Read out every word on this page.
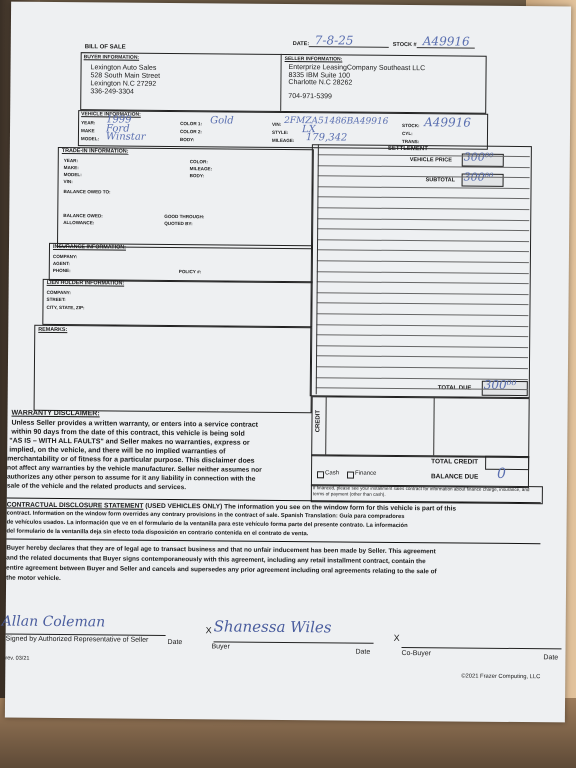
BILL OF SALE
DATE: 7-8-25	STOCK # A49916
BUYER INFORMATION:
Lexington Auto Sales
528 South Main Street
Lexington N.C 27292
336-249-3304
SELLER INFORMATION:
Enterprize LeasingCompany Southeast LLC
8335 IBM Suite 100
Charlotte N.C 28262
704-971-5399
VEHICLE INFORMATION:
YEAR: 1999
MAKE Ford
MODEL: Winstar
COLOR 1: Gold
COLOR 2:
BODY:
VIN: 2FMZA51486BA49916
STYLE: LX
MILEAGE: 179,342
STOCK: A49916
CYL:
TRANS:
TRADE-IN INFORMATION:
YEAR:
MAKE:
MODEL:
VIN:
COLOR:
MILEAGE:
BODY:
BALANCE OWED TO:
BALANCE OWED:
ALLOWANCE:
GOOD THROUGH:
QUOTED BY:
INSURANCE INFORMATION:
COMPANY:
AGENT:
PHONE:	POLICY #:
LIEN HOLDER INFORMATION:
COMPANY:
STREET:
CITY, STATE, ZIP:
REMARKS:
WARRANTY DISCLAIMER:
Unless Seller provides a written warranty, or enters into a service contract
within 90 days from the date of this contract, this vehicle is being sold
"AS IS – WITH ALL FAULTS" and Seller makes no warranties, express or
implied, on the vehicle, and there will be no implied warranties of
merchantability or of fitness for a particular purpose. This disclaimer does
not affect any warranties by the vehicle manufacturer. Seller neither assumes nor
authorizes any other person to assume for it any liability in connection with the
sale of the vehicle and the related products and services.
SETTLEMENT
VEHICLE PRICE 300⁰⁰
SUBTOTAL 300⁰⁰
TOTAL DUE 300⁰⁰
CREDIT
TOTAL CREDIT
Cash	Finance	BALANCE DUE 0
If financed, please see your installment sales contract for information about finance charge, insurance, and terms of payment (other than cash).
CONTRACTUAL DISCLOSURE STATEMENT (USED VEHICLES ONLY) The information you see on the window form for this vehicle is part of this
contract. Information on the window form overrides any contrary provisions in the contract of sale. Spanish Translation: Guía para compradores
de vehículos usados. La información que ve en el formulario de la ventanilla para este vehículo forma parte del presente contrato. La información
del formulario de la ventanilla deja sin efecto toda disposición en contrario contenida en el contrato de venta.
Buyer hereby declares that they are of legal age to transact business and that no unfair inducement has been made by Seller. This agreement
and the related documents that Buyer signs contemporaneously with this agreement, including any retail installment contract, contain the
entire agreement between Buyer and Seller and cancels and supersedes any prior agreement including oral agreements relating to the sale of
the motor vehicle.
Allan Coleman
Signed by Authorized Representative of Seller	Date
X Shanessa Wiles
Buyer
Date
X
Co-Buyer
Date
rev. 03/21
©2021 Frazer Computing, LLC
